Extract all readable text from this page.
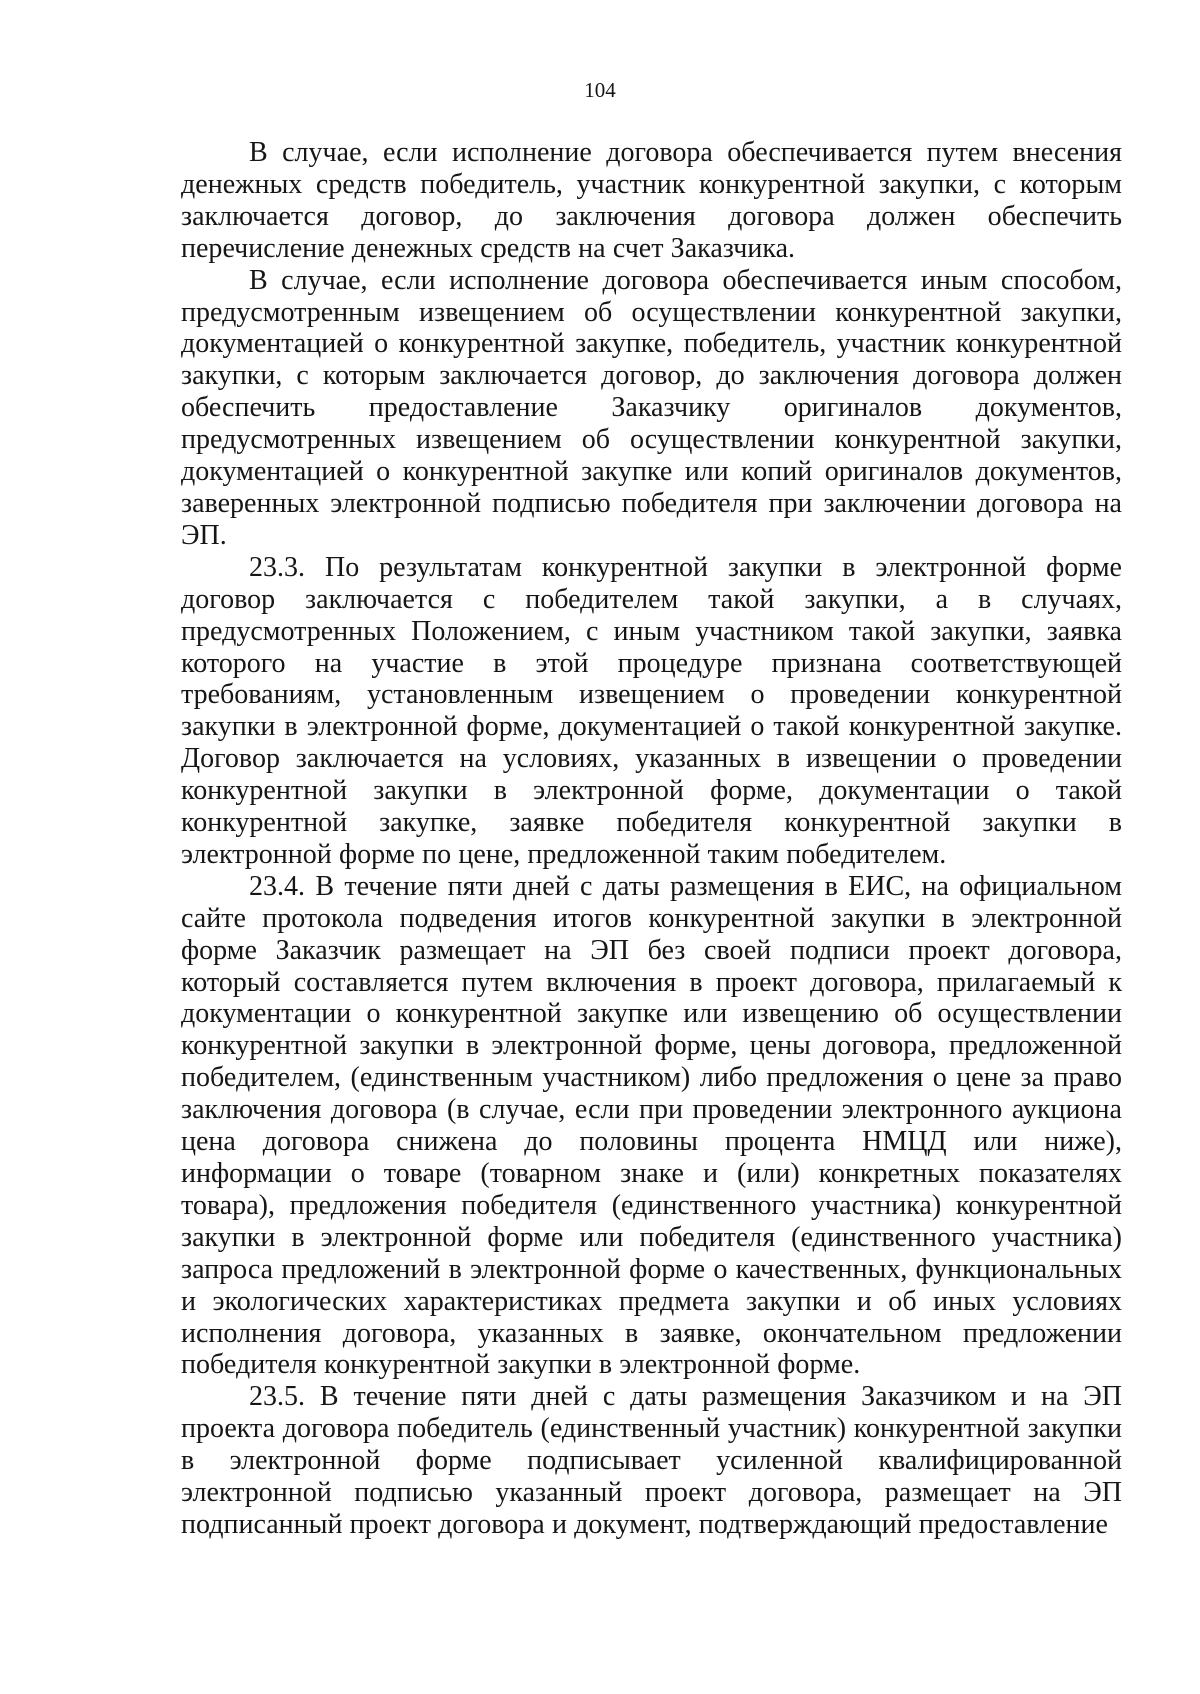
104

В случае, если исполнение договора обеспечивается путем внесения денежных средств победитель, участник конкурентной закупки, с которым заключается договор, до заключения договора должен обеспечить перечисление денежных средств на счет Заказчика.

В случае, если исполнение договора обеспечивается иным способом, предусмотренным извещением об осуществлении конкурентной закупки, документацией о конкурентной закупке, победитель, участник конкурентной закупки, с которым заключается договор, до заключения договора должен обеспечить предоставление Заказчику оригиналов документов, предусмотренных извещением об осуществлении конкурентной закупки, документацией о конкурентной закупке или копий оригиналов документов, заверенных электронной подписью победителя при заключении договора на ЭП.

23.3. По результатам конкурентной закупки в электронной форме договор заключается с победителем такой закупки, а в случаях, предусмотренных Положением, с иным участником такой закупки, заявка которого на участие в этой процедуре признана соответствующей требованиям, установленным извещением о проведении конкурентной закупки в электронной форме, документацией о такой конкурентной закупке. Договор заключается на условиях, указанных в извещении о проведении конкурентной закупки в электронной форме, документации о такой конкурентной закупке, заявке победителя конкурентной закупки в электронной форме по цене, предложенной таким победителем.

23.4. В течение пяти дней с даты размещения в ЕИС, на официальном сайте протокола подведения итогов конкурентной закупки в электронной форме Заказчик размещает на ЭП без своей подписи проект договора, который составляется путем включения в проект договора, прилагаемый к документации о конкурентной закупке или извещению об осуществлении конкурентной закупки в электронной форме, цены договора, предложенной победителем, (единственным участником) либо предложения о цене за право заключения договора (в случае, если при проведении электронного аукциона цена договора снижена до половины процента НМЦД или ниже), информации о товаре (товарном знаке и (или) конкретных показателях товара), предложения победителя (единственного участника) конкурентной закупки в электронной форме или победителя (единственного участника) запроса предложений в электронной форме о качественных, функциональных и экологических характеристиках предмета закупки и об иных условиях исполнения договора, указанных в заявке, окончательном предложении победителя конкурентной закупки в электронной форме.

23.5. В течение пяти дней с даты размещения Заказчиком и на ЭП проекта договора победитель (единственный участник) конкурентной закупки в электронной форме подписывает усиленной квалифицированной электронной подписью указанный проект договора, размещает на ЭП подписанный проект договора и документ, подтверждающий предоставление
